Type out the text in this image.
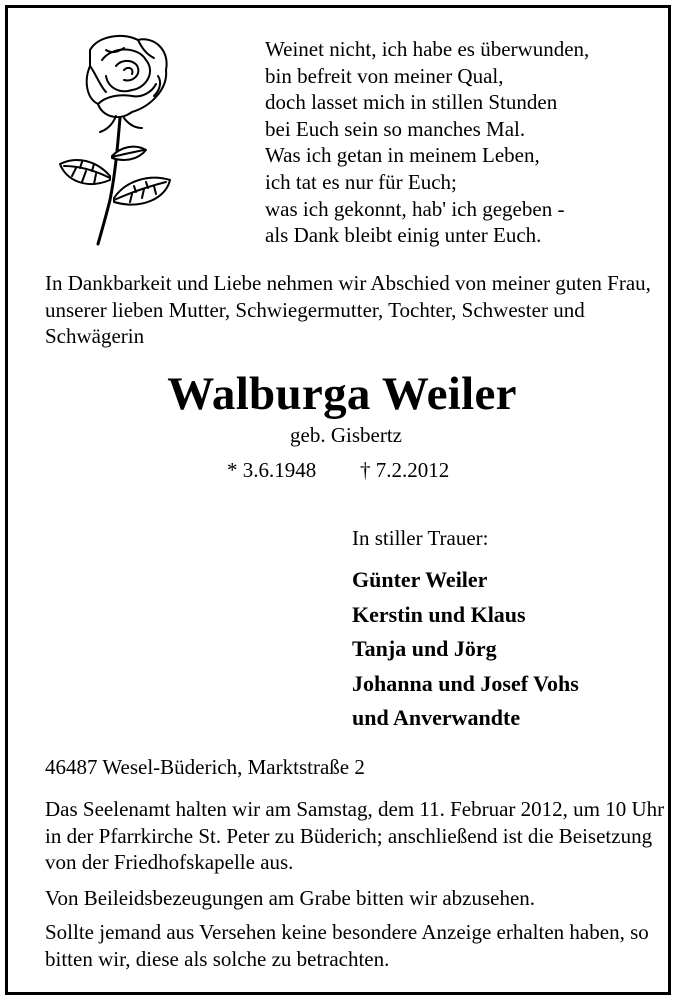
Weinet nicht, ich habe es überwunden,
bin befreit von meiner Qual,
doch lasset mich in stillen Stunden
bei Euch sein so manches Mal.
Was ich getan in meinem Leben,
ich tat es nur für Euch;
was ich gekonnt, hab' ich gegeben -
als Dank bleibt einig unter Euch.

In Dankbarkeit und Liebe nehmen wir Abschied von meiner guten Frau, unserer lieben Mutter, Schwiegermutter, Tochter, Schwester und Schwägerin

Walburga Weiler
geb. Gisbertz
* 3.6.1948 † 7.2.2012
In stiller Trauer:
Günter Weiler
Kerstin und Klaus
Tanja und Jörg
Johanna und Josef Vohs
und Anverwandte
46487 Wesel-Büderich, Marktstraße 2

Das Seelenamt halten wir am Samstag, dem 11. Februar 2012, um 10 Uhr in der Pfarrkirche St. Peter zu Büderich; anschließend ist die Beisetzung von der Friedhofskapelle aus.

Von Beileidsbezeugungen am Grabe bitten wir abzusehen.

Sollte jemand aus Versehen keine besondere Anzeige erhalten haben, so bitten wir, diese als solche zu betrachten.
